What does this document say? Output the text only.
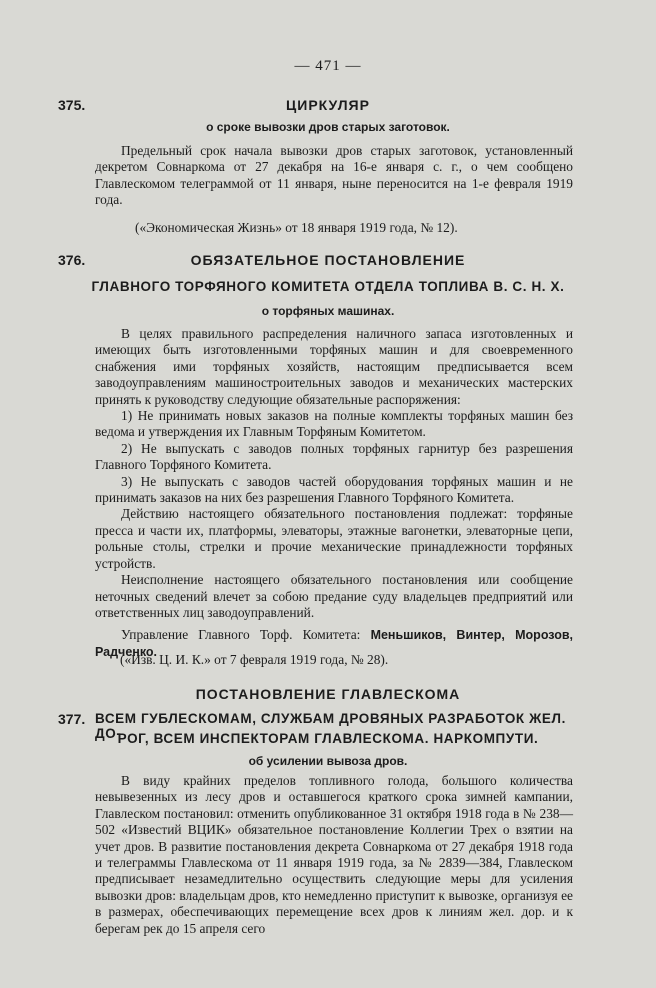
— 471 —
375.	ЦИРКУЛЯР
о сроке вывозки дров старых заготовок.

Предельный срок начала вывозки дров старых заготовок, установленный декретом Совнаркома от 27 декабря на 16-е января с. г., о чем сообщено Главлескомом телеграммой от 11 января, ныне переносится на 1-е февраля 1919 года.

(«Экономическая Жизнь» от 18 января 1919 года, № 12).
376.	ОБЯЗАТЕЛЬНОЕ ПОСТАНОВЛЕНИЕ
ГЛАВНОГО ТОРФЯНОГО КОМИТЕТА ОТДЕЛА ТОПЛИВА В. С. Н. Х.
о торфяных машинах.

В целях правильного распределения наличного запаса изготовленных и имеющих быть изготовленными торфяных машин и для своевременного снабжения ими торфяных хозяйств, настоящим предписывается всем заводоуправлениям машиностроительных заводов и механических мастерских принять к руководству следующие обязательные распоряжения:

1) Не принимать новых заказов на полные комплекты торфяных машин без ведома и утверждения их Главным Торфяным Комитетом.

2) Не выпускать с заводов полных торфяных гарнитур без разрешения Главного Торфяного Комитета.

3) Не выпускать с заводов частей оборудования торфяных машин и не принимать заказов на них без разрешения Главного Торфяного Комитета.

Действию настоящего обязательного постановления подлежат: торфяные пресса и части их, платформы, элеваторы, этажные вагонетки, элеваторные цепи, рольные столы, стрелки и прочие механические принадлежности торфяных устройств.

Неисполнение настоящего обязательного постановления или сообщение неточных сведений влечет за собою предание суду владельцев предприятий или ответственных лиц заводоуправлений.

Управление Главного Торф. Комитета: Меньшиков, Винтер, Морозов, Радченко.

(«Изв. Ц. И. К.» от 7 февраля 1919 года, № 28).
ПОСТАНОВЛЕНИЕ ГЛАВЛЕСКОМА
377. ВСЕМ ГУБЛЕСКОМАМ, СЛУЖБАМ ДРОВЯНЫХ РАЗРАБОТОК ЖЕЛ. ДО-
РОГ, ВСЕМ ИНСПЕКТОРАМ ГЛАВЛЕСКОМА. НАРКОМПУТИ.
об усилении вывоза дров.

В виду крайних пределов топливного голода, большого количества невывезенных из лесу дров и оставшегося краткого срока зимней кампании, Главлеском постановил: отменить опубликованное 31 октября 1918 года в № 238—502 «Известий ВЦИК» обязательное постановление Коллегии Трех о взятии на учет дров. В развитие постановления декрета Совнаркома от 27 декабря 1918 года и телеграммы Главлескома от 11 января 1919 года, за № 2839—384, Главлеском предписывает незамедлительно осуществить следующие меры для усиления вывозки дров: владельцам дров, кто немедленно приступит к вывозке, организуя ее в размерах, обеспечивающих перемещение всех дров к линиям жел. дор. и к берегам рек до 15 апреля сего
